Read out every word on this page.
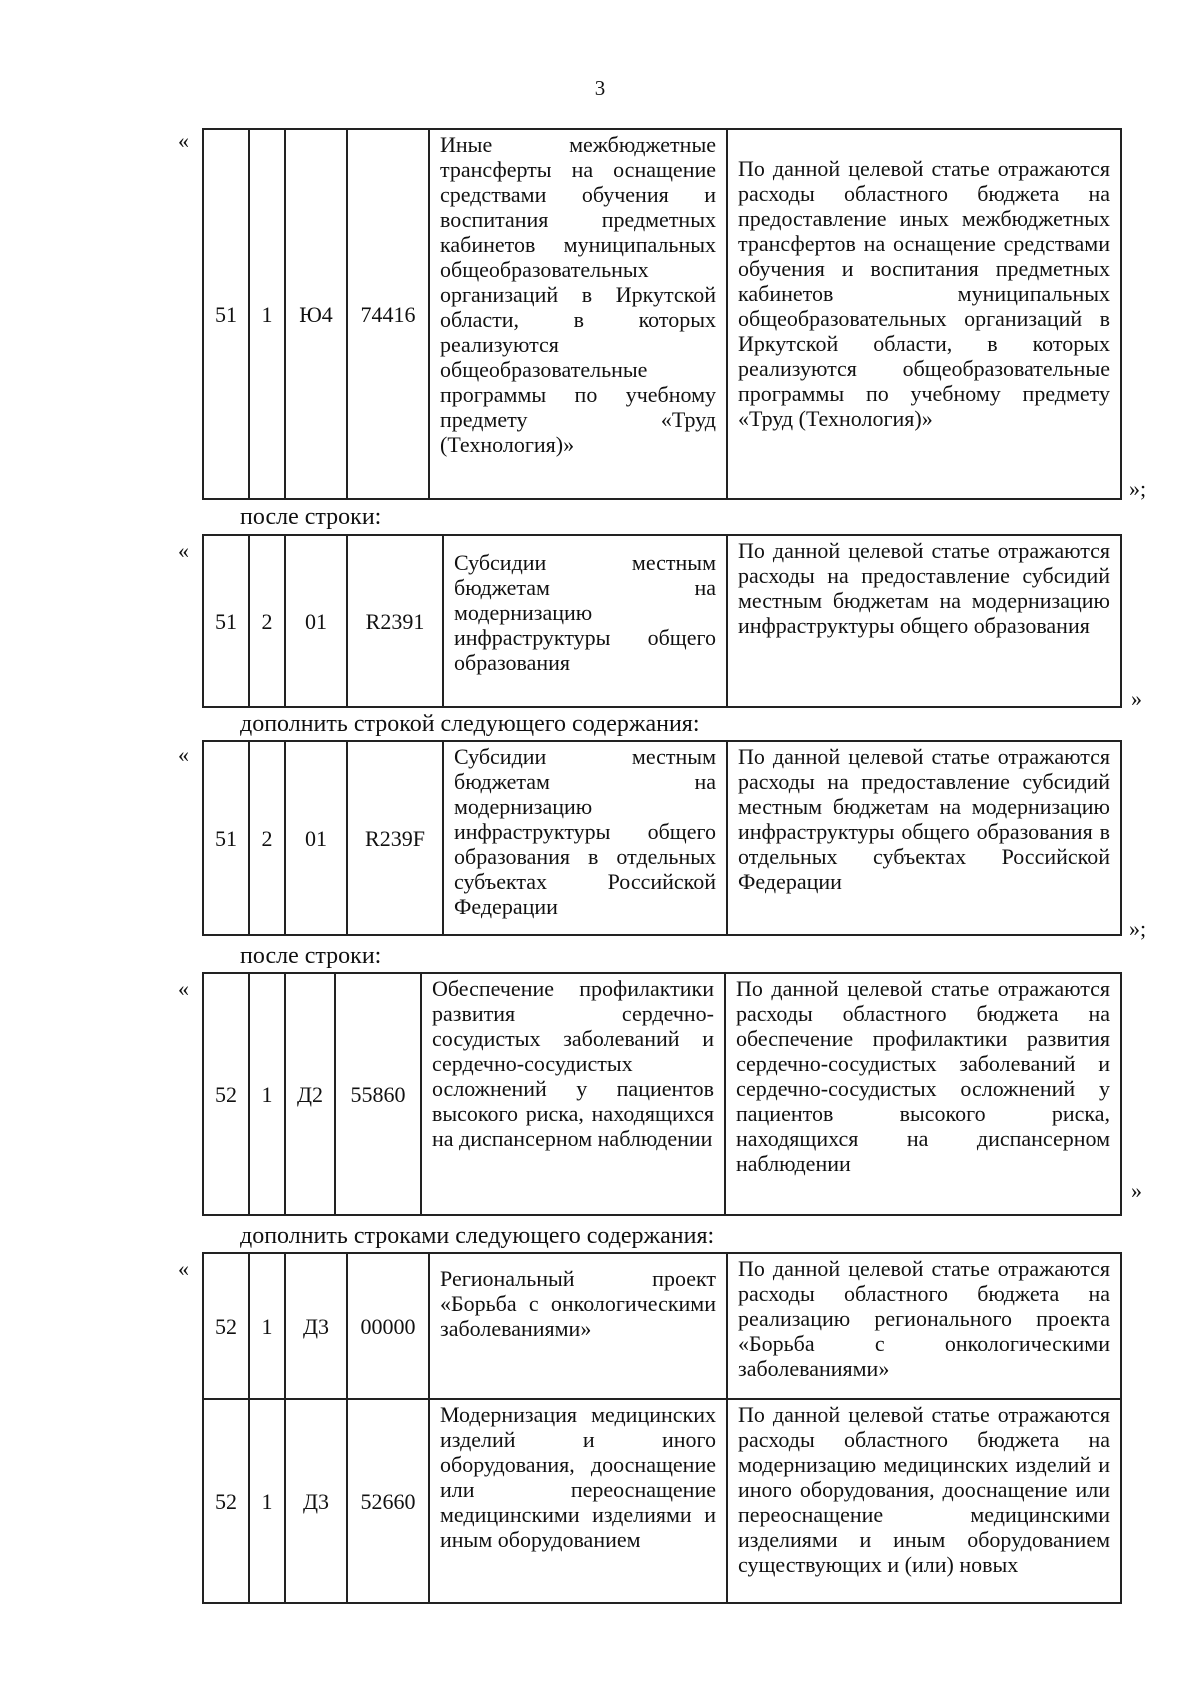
3
«
51	1	Ю4	74416	Иные межбюджетные трансферты на оснащение средствами обучения и воспитания предметных кабинетов муниципальных общеобразовательных организаций в Иркутской области, в которых реализуются общеобразовательные программы по учебному предмету «Труд (Технология)»	По данной целевой статье отражаются расходы областного бюджета на предоставление иных межбюджетных трансфертов на оснащение средствами обучения и воспитания предметных кабинетов муниципальных общеобразовательных организаций в Иркутской области, в которых реализуются общеобразовательные программы по учебному предмету «Труд (Технология)»
»;
после строки:
«
51	2	01	R2391	Субсидии местным бюджетам на модернизацию инфраструктуры общего образования	По данной целевой статье отражаются расходы на предоставление субсидий местным бюджетам на модернизацию инфраструктуры общего образования
»
дополнить строкой следующего содержания:
«
51	2	01	R239F	Субсидии местным бюджетам на модернизацию инфраструктуры общего образования в отдельных субъектах Российской Федерации	По данной целевой статье отражаются расходы на предоставление субсидий местным бюджетам на модернизацию инфраструктуры общего образования в отдельных субъектах Российской Федерации
»;
после строки:
«
52	1	Д2	55860	Обеспечение профилактики развития сердечно-сосудистых заболеваний и сердечно-сосудистых осложнений у пациентов высокого риска, находящихся на диспансерном наблюдении	По данной целевой статье отражаются расходы областного бюджета на обеспечение профилактики развития сердечно-сосудистых заболеваний и сердечно-сосудистых осложнений у пациентов высокого риска, находящихся на диспансерном наблюдении
»
дополнить строками следующего содержания:
«
52	1	Д3	00000	Региональный проект «Борьба с онкологическими заболеваниями»	По данной целевой статье отражаются расходы областного бюджета на реализацию регионального проекта «Борьба с онкологическими заболеваниями»
52	1	Д3	52660	Модернизация медицинских изделий и иного оборудования, дооснащение или переоснащение медицинскими изделиями и иным оборудованием	По данной целевой статье отражаются расходы областного бюджета на модернизацию медицинских изделий и иного оборудования, дооснащение или переоснащение медицинскими изделиями и иным оборудованием существующих и (или) новых
